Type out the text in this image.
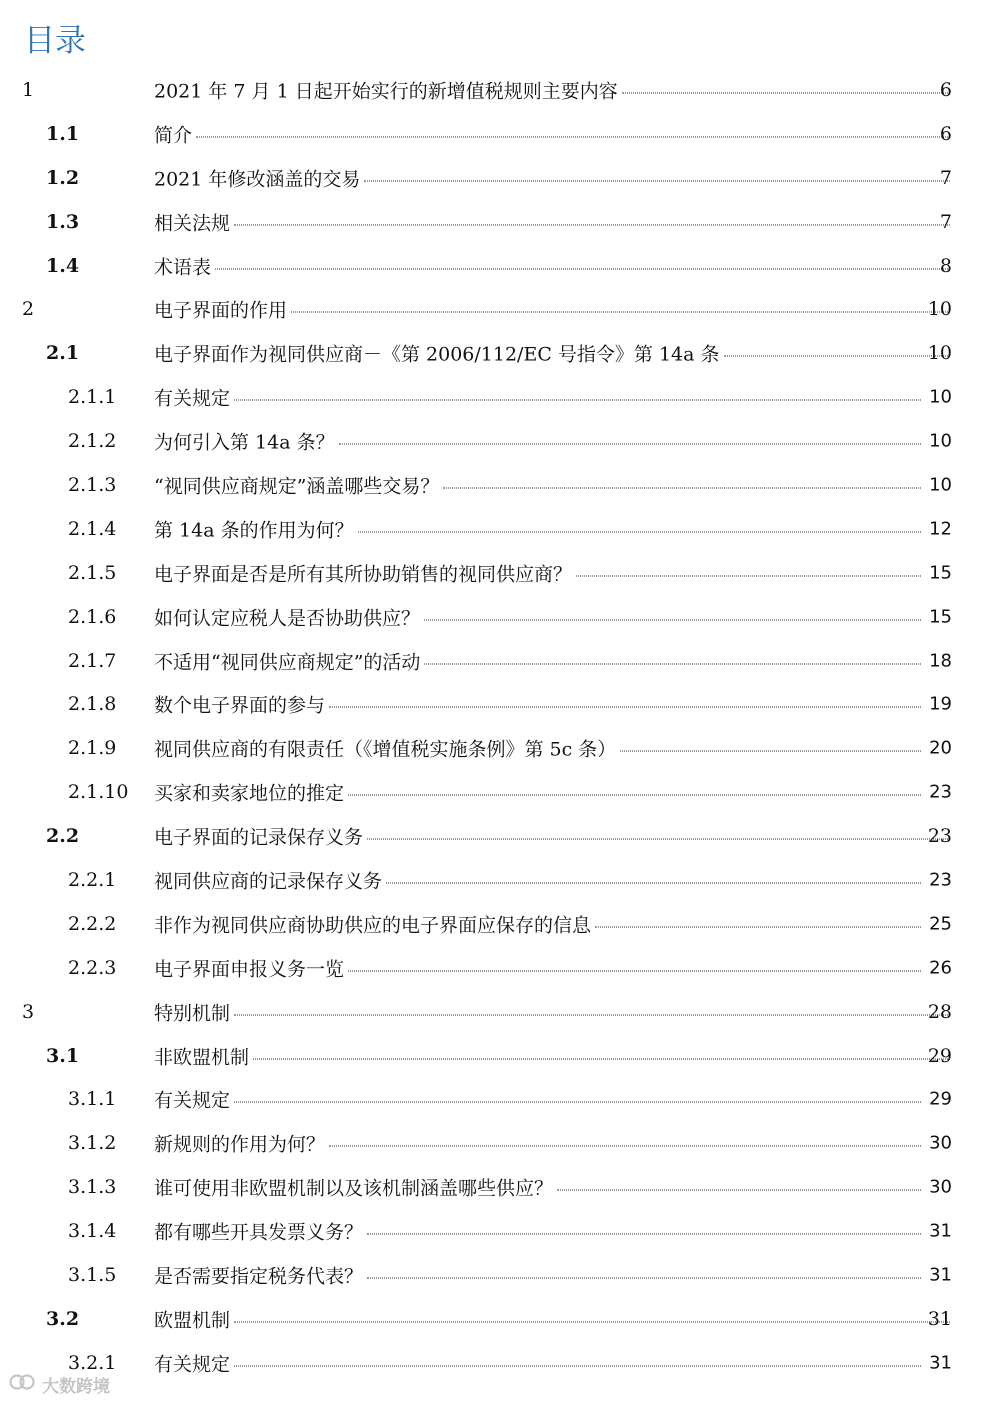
目录
1	2021 年 7 月 1 日起开始实行的新增值税规则主要内容	6
1.1	简介	6
1.2	2021 年修改涵盖的交易	7
1.3	相关法规	7
1.4	术语表	8
2	电子界面的作用	10
2.1	电子界面作为视同供应商－《第 2006/112/EC 号指令》第 14a 条	10
2.1.1 有关规定	10
2.1.2 为何引入第 14a 条？	10
2.1.3 “视同供应商规定”涵盖哪些交易？	10
2.1.4 第 14a 条的作用为何？	12
2.1.5 电子界面是否是所有其所协助销售的视同供应商？	15
2.1.6 如何认定应税人是否协助供应？	15
2.1.7 不适用“视同供应商规定”的活动	18
2.1.8 数个电子界面的参与	19
2.1.9 视同供应商的有限责任（《增值税实施条例》第 5c 条）	20
2.1.10 买家和卖家地位的推定	23
2.2	电子界面的记录保存义务	23
2.2.1 视同供应商的记录保存义务	23
2.2.2 非作为视同供应商协助供应的电子界面应保存的信息	25
2.2.3 电子界面申报义务一览	26
3	特别机制	28
3.1	非欧盟机制	29
3.1.1 有关规定	29
3.1.2 新规则的作用为何？	30
3.1.3 谁可使用非欧盟机制以及该机制涵盖哪些供应？	30
3.1.4 都有哪些开具发票义务？	31
3.1.5 是否需要指定税务代表？	31
3.2	欧盟机制	31
3.2.1 有关规定	31
大数跨境
